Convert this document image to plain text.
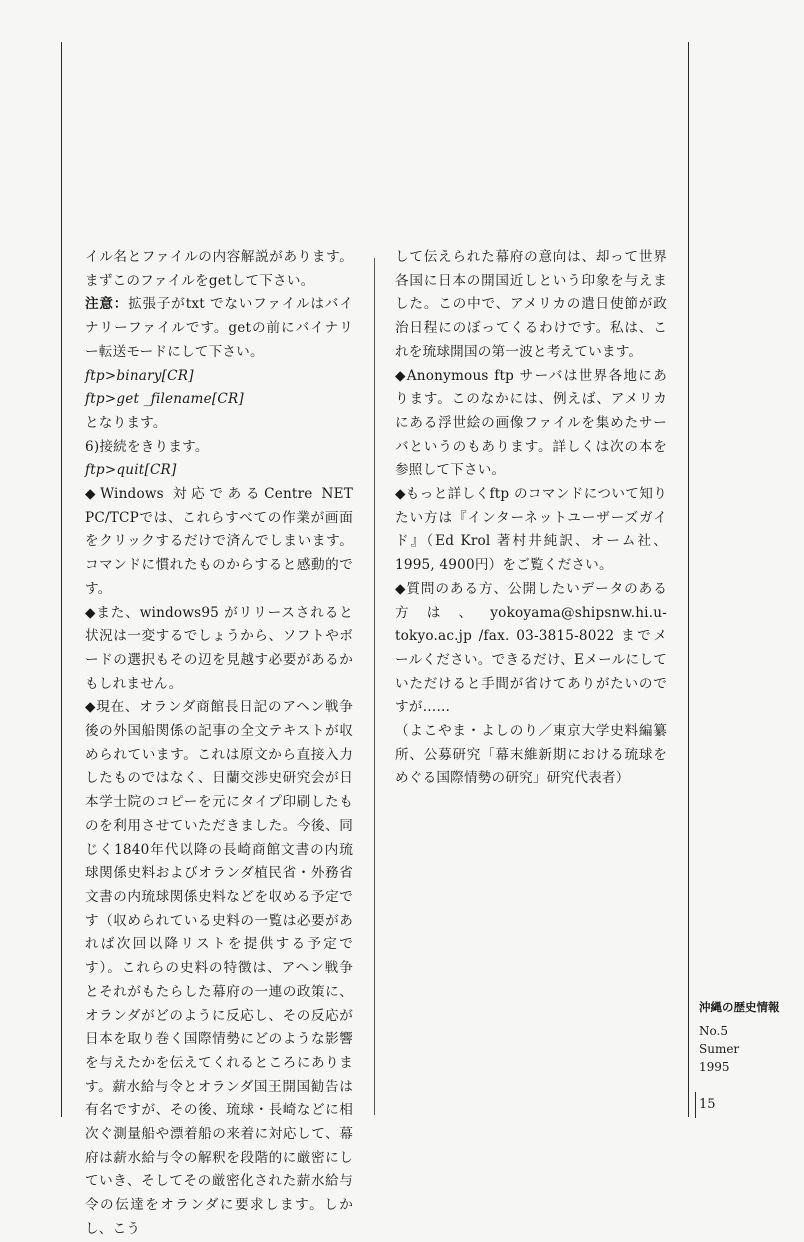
イル名とファイルの内容解説があります。まずこのファイルをgetして下さい。

注意：拡張子がtxt でないファイルはバイナリーファイルです。getの前にバイナリー転送モードにして下さい。

ftp>binary[CR]

ftp>get _filename[CR]

となります。

6)接続をきります。

ftp>quit[CR]

◆Windows 対応であるCentre NET PC/TCPでは、これらすべての作業が画面をクリックするだけで済んでしまいます。コマンドに慣れたものからすると感動的です。

◆また、windows95 がリリースされると状況は一変するでしょうから、ソフトやボードの選択もその辺を見越す必要があるかもしれません。

◆現在、オランダ商館長日記のアヘン戦争後の外国船関係の記事の全文テキストが収められています。これは原文から直接入力したものではなく、日蘭交渉史研究会が日本学士院のコピーを元にタイプ印刷したものを利用させていただきました。今後、同じく1840年代以降の長崎商館文書の内琉球関係史料およびオランダ植民省・外務省文書の内琉球関係史料などを収める予定です（収められている史料の一覧は必要があれば次回以降リストを提供する予定です）。これらの史料の特徴は、アヘン戦争とそれがもたらした幕府の一連の政策に、オランダがどのように反応し、その反応が日本を取り巻く国際情勢にどのような影響を与えたかを伝えてくれるところにあります。薪水給与令とオランダ国王開国勧告は有名ですが、その後、琉球・長崎などに相次ぐ測量船や漂着船の来着に対応して、幕府は薪水給与令の解釈を段階的に厳密にしていき、そしてその厳密化された薪水給与令の伝達をオランダに要求します。しかし、こう

して伝えられた幕府の意向は、却って世界各国に日本の開国近しという印象を与えました。この中で、アメリカの遣日使節が政治日程にのぼってくるわけです。私は、これを琉球開国の第一波と考えています。

◆Anonymous ftp サーバは世界各地にあります。このなかには、例えば、アメリカにある浮世絵の画像ファイルを集めたサーバというのもあります。詳しくは次の本を参照して下さい。

◆もっと詳しくftp のコマンドについて知りたい方は『インターネットユーザーズガイド』（Ed Krol 著村井純訳、オーム社、1995, 4900円）をご覧ください。

◆質問のある方、公開したいデータのある方は、yokoyama@shipsnw.hi.u-tokyo.ac.jp /fax. 03-3815-8022 までメールください。できるだけ、Eメールにしていただけると手間が省けてありがたいのですが……

（よこやま・よしのり／東京大学史料編纂所、公募研究「幕末維新期における琉球をめぐる国際情勢の研究」研究代表者）

沖縄の歴史情報
No.5
Sumer
1995
15
